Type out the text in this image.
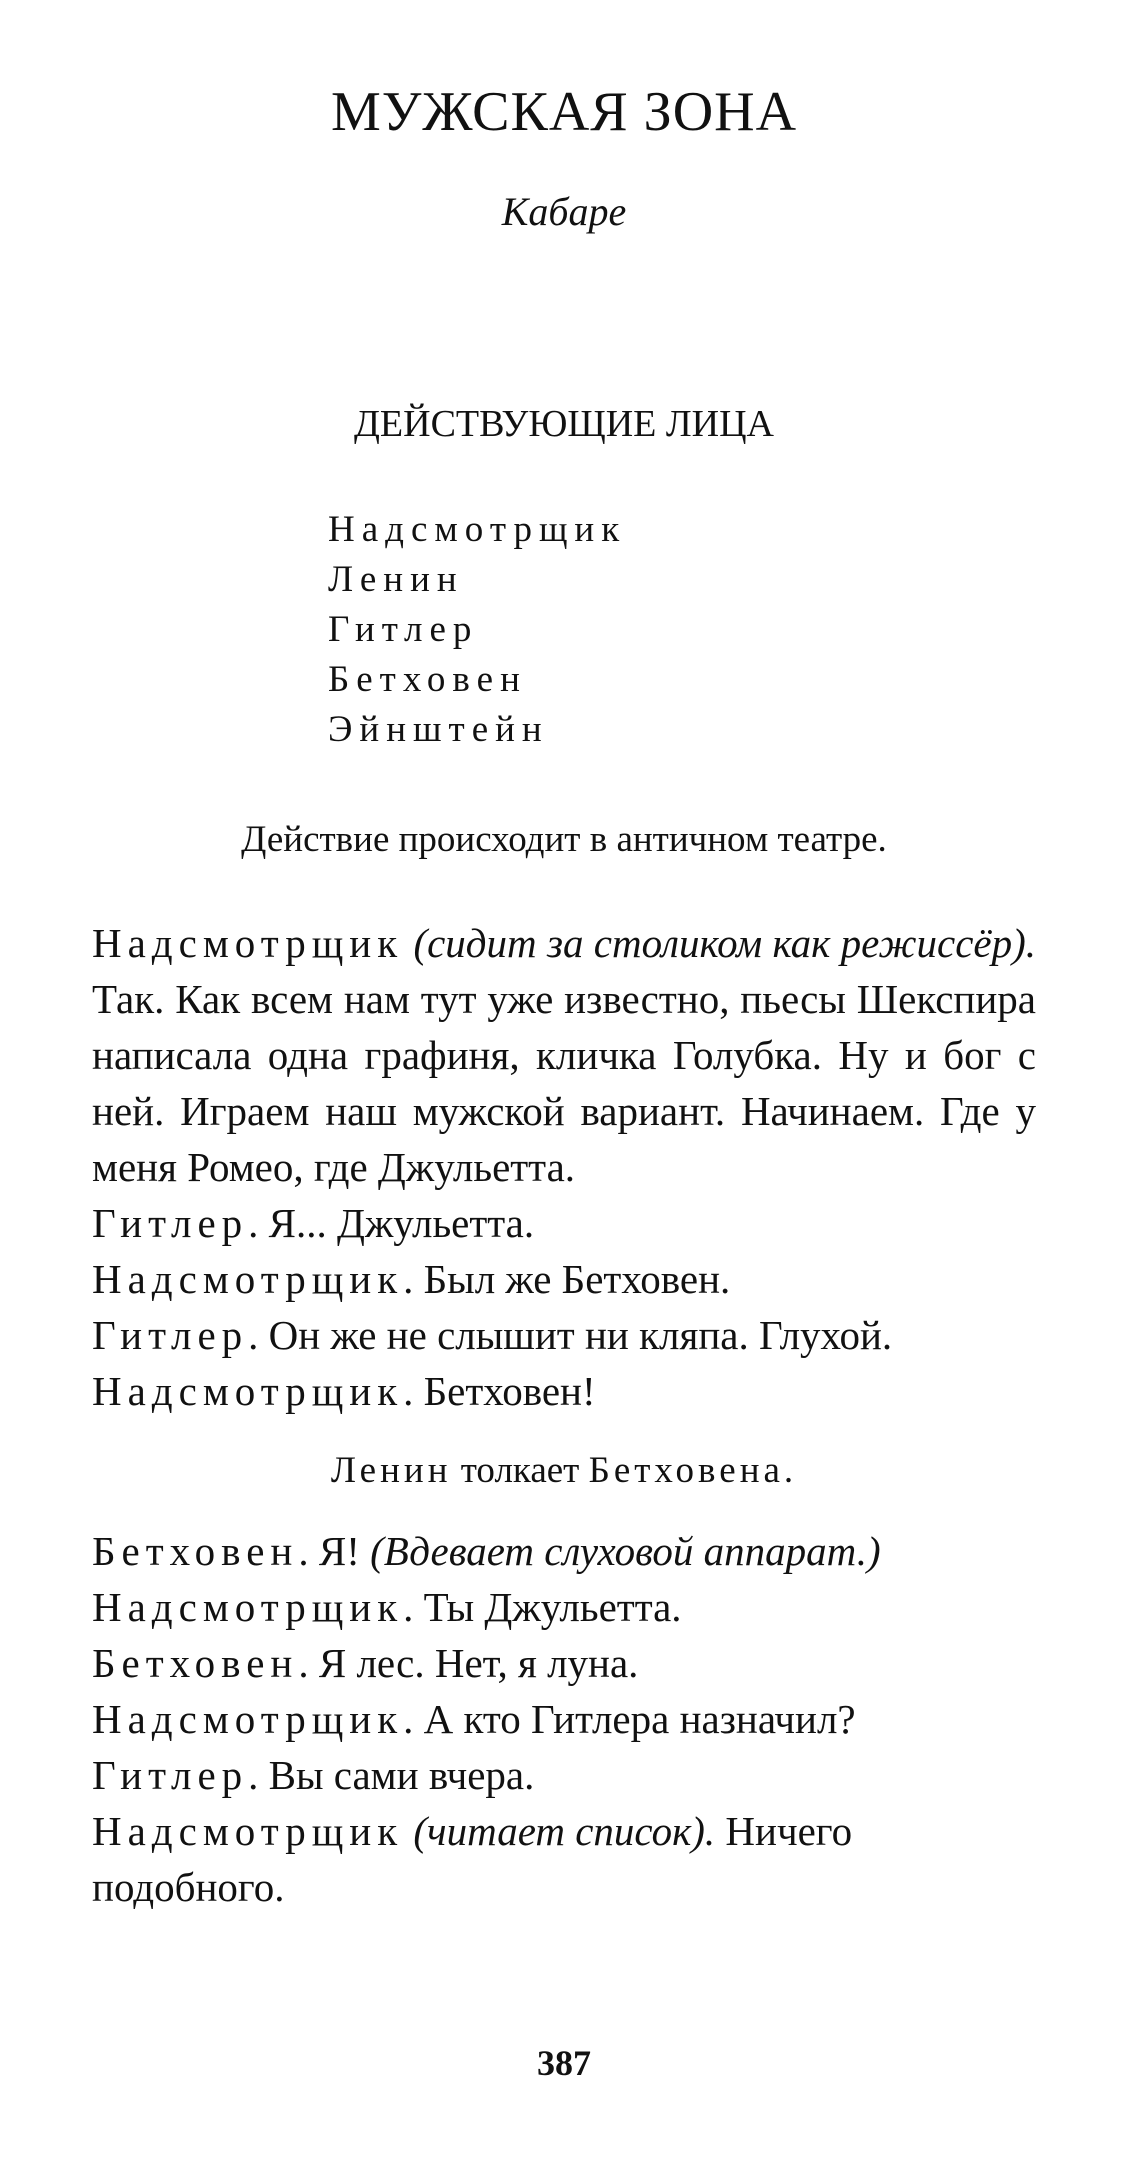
МУЖСКАЯ ЗОНА
Кабаре
ДЕЙСТВУЮЩИЕ ЛИЦА
Надсмотрщик
Ленин
Гитлер
Бетховен
Эйнштейн
Действие происходит в античном театре.

Надсмотрщик (сидит за столиком как режиссёр). Так. Как всем нам тут уже известно, пьесы Шекспира написала одна графиня, кличка Голубка. Ну и бог с ней. Играем наш мужской вариант. Начинаем. Где у меня Ромео, где Джульетта.

Гитлер. Я... Джульетта.

Надсмотрщик. Был же Бетховен.

Гитлер. Он же не слышит ни кляпа. Глухой.

Надсмотрщик. Бетховен!

Ленин толкает Бетховена.

Бетховен. Я! (Вдевает слуховой аппарат.)

Надсмотрщик. Ты Джульетта.

Бетховен. Я лес. Нет, я луна.

Надсмотрщик. А кто Гитлера назначил?

Гитлер. Вы сами вчера.

Надсмотрщик (читает список). Ничего подобного.

387
